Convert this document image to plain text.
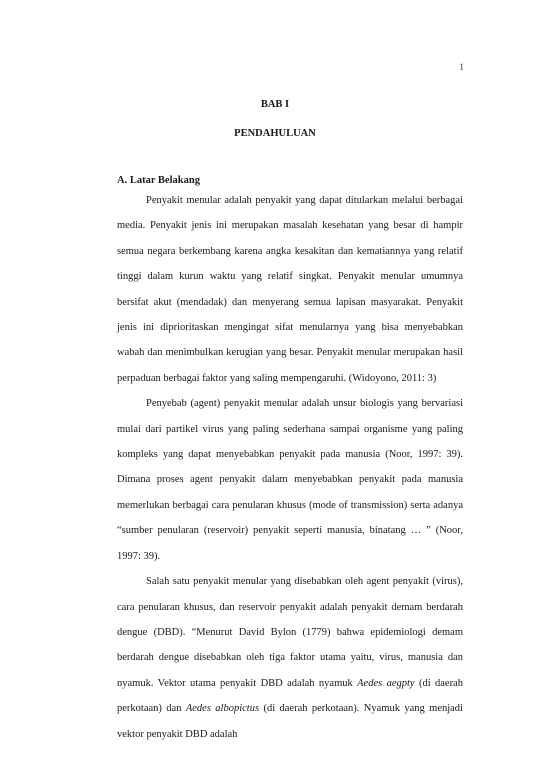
1
BAB I
PENDAHULUAN
A. Latar Belakang

Penyakit menular adalah penyakit yang dapat ditularkan melalui berbagai media. Penyakit jenis ini merupakan masalah kesehatan yang besar di hampir semua negara berkembang karena angka kesakitan dan kematiannya yang relatif tinggi dalam kurun waktu yang relatif singkat. Penyakit menular umumnya bersifat akut (mendadak) dan menyerang semua lapisan masyarakat. Penyakit jenis ini diprioritaskan mengingat sifat menularnya yang bisa menyebabkan wabah dan menimbulkan kerugian yang besar. Penyakit menular merupakan hasil perpaduan berbagai faktor yang saling mempengaruhi. (Widoyono, 2011: 3)

Penyebab (agent) penyakit menular adalah unsur biologis yang bervariasi mulai dari partikel virus yang paling sederhana sampai organisme yang paling kompleks yang dapat menyebabkan penyakit pada manusia (Noor, 1997: 39). Dimana proses agent penyakit dalam menyebabkan penyakit pada manusia memerlukan berbagai cara penularan khusus (mode of transmission) serta adanya “sumber penularan (reservoir) penyakit seperti manusia, binatang … ” (Noor, 1997: 39).

Salah satu penyakit menular yang disebabkan oleh agent penyakit (virus), cara penularan khusus, dan reservoir penyakit adalah penyakit demam berdarah dengue (DBD). “Menurut David Bylon (1779) bahwa epidemiologi demam berdarah dengue disebabkan oleh tiga faktor utama yaitu, virus, manusia dan nyamuk. Vektor utama penyakit DBD adalah nyamuk Aedes aegpty (di daerah perkotaan) dan Aedes albopictus (di daerah perkotaan). Nyamuk yang menjadi vektor penyakit DBD adalah
